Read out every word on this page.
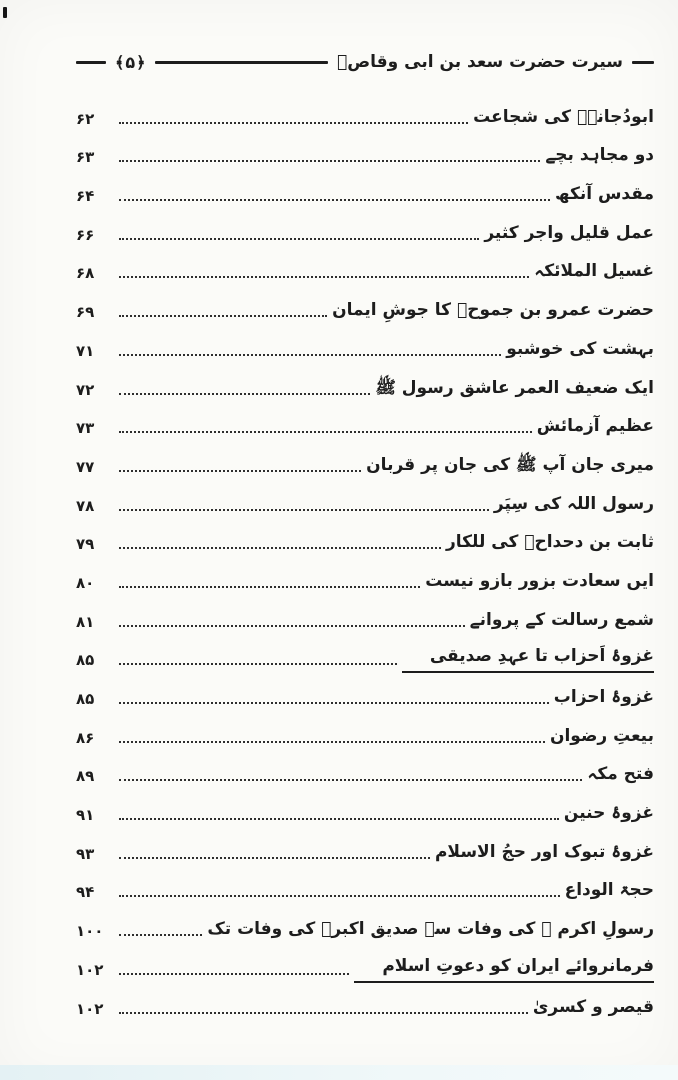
سیرت حضرت سعد بن ابی وقاصؓ
﴾ ۵ ﴿
ابودُجانہؓ کی شجاعت
۶۲
دو مجاہد بچے
۶۳
مقدس آنکھ
۶۴
عمل قلیل واجر کثیر
۶۶
غسیل الملائکہ
۶۸
حضرت عمرو بن جموحؓ کا جوشِ ایمان
۶۹
بہشت کی خوشبو
۷۱
ایک ضعیف العمر عاشق رسول ﷺ
۷۲
عظیم آزمائش
۷۳
میری جان آپ ﷺ کی جان پر قربان
۷۷
رسول اللہ کی سِپَر
۷۸
ثابت بن دحداحؓ کی للکار
۷۹
ایں سعادت بزور بازو نیست
۸۰
شمع رسالت کے پروانے
۸۱
غزوۂ اَحزاب تا عہدِ صدیقی
۸۵
غزوۂ احزاب
۸۵
بیعتِ رضوان
۸۶
فتح مکہ
۸۹
غزوۂ حنین
۹۱
غزوۂ تبوک اور حجُ الاسلام
۹۳
حجۃ الوداع
۹۴
رسولِ اکرم ﷺ کی وفات سے صدیق اکبرؓ کی وفات تک
۱۰۰
فرمانروائے ایران کو دعوتِ اسلام
۱۰۲
قیصر و کسریٰ
۱۰۲
